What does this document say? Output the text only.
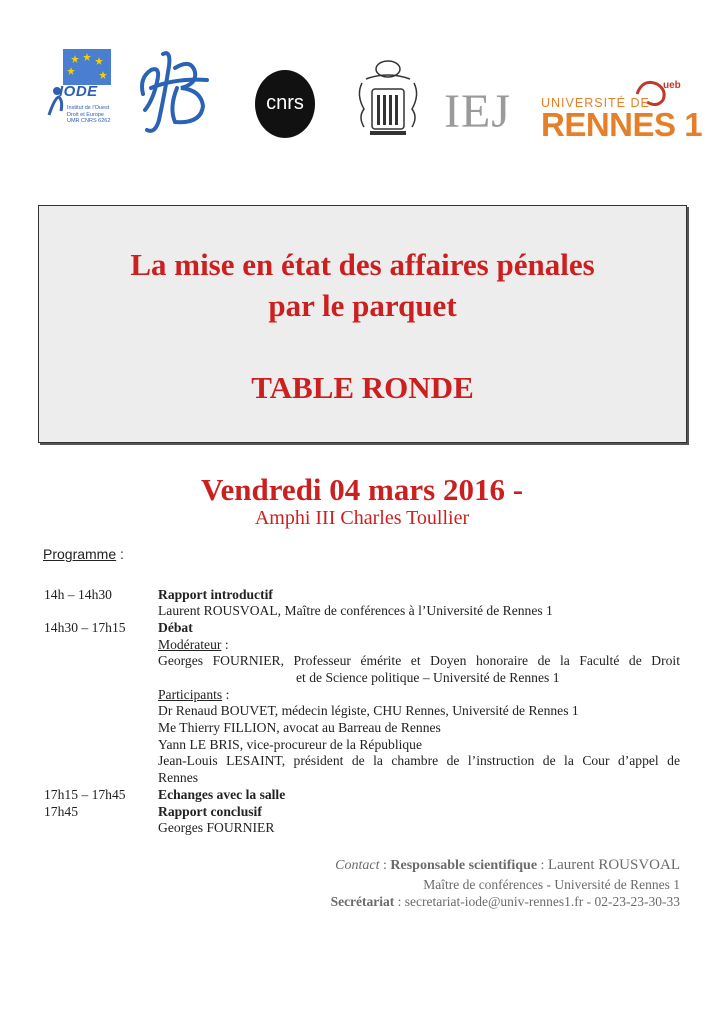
IODE
Institut de l'Ouest Droit et Europe UMR CNRS 6262
cnrs	IEJ UNIVERSITÉ DE
RENNES 1
ueb
La mise en état des affaires pénales
par le parquet
TABLE RONDE
Vendredi 04 mars 2016 -
Amphi III Charles Toullier
Programme :
14h – 14h30	Rapport introductif
Laurent ROUSVOAL, Maître de conférences à l’Université de Rennes 1
14h30 – 17h15 Débat
Modérateur :
Georges FOURNIER, Professeur émérite et Doyen honoraire de la Faculté de Droit
et de Science politique – Université de Rennes 1
Participants :
Dr Renaud BOUVET, médecin légiste, CHU Rennes, Université de Rennes 1
Me Thierry FILLION, avocat au Barreau de Rennes
Yann LE BRIS, vice-procureur de la République
Jean-Louis LESAINT, président de la chambre de l’instruction de la Cour d’appel de
Rennes
17h15 – 17h45 Echanges avec la salle
17h45	Rapport conclusif
Georges FOURNIER
Contact : Responsable scientifique : Laurent ROUSVOAL
Maître de conférences - Université de Rennes 1
Secrétariat : secretariat-iode@univ-rennes1.fr - 02-23-23-30-33
